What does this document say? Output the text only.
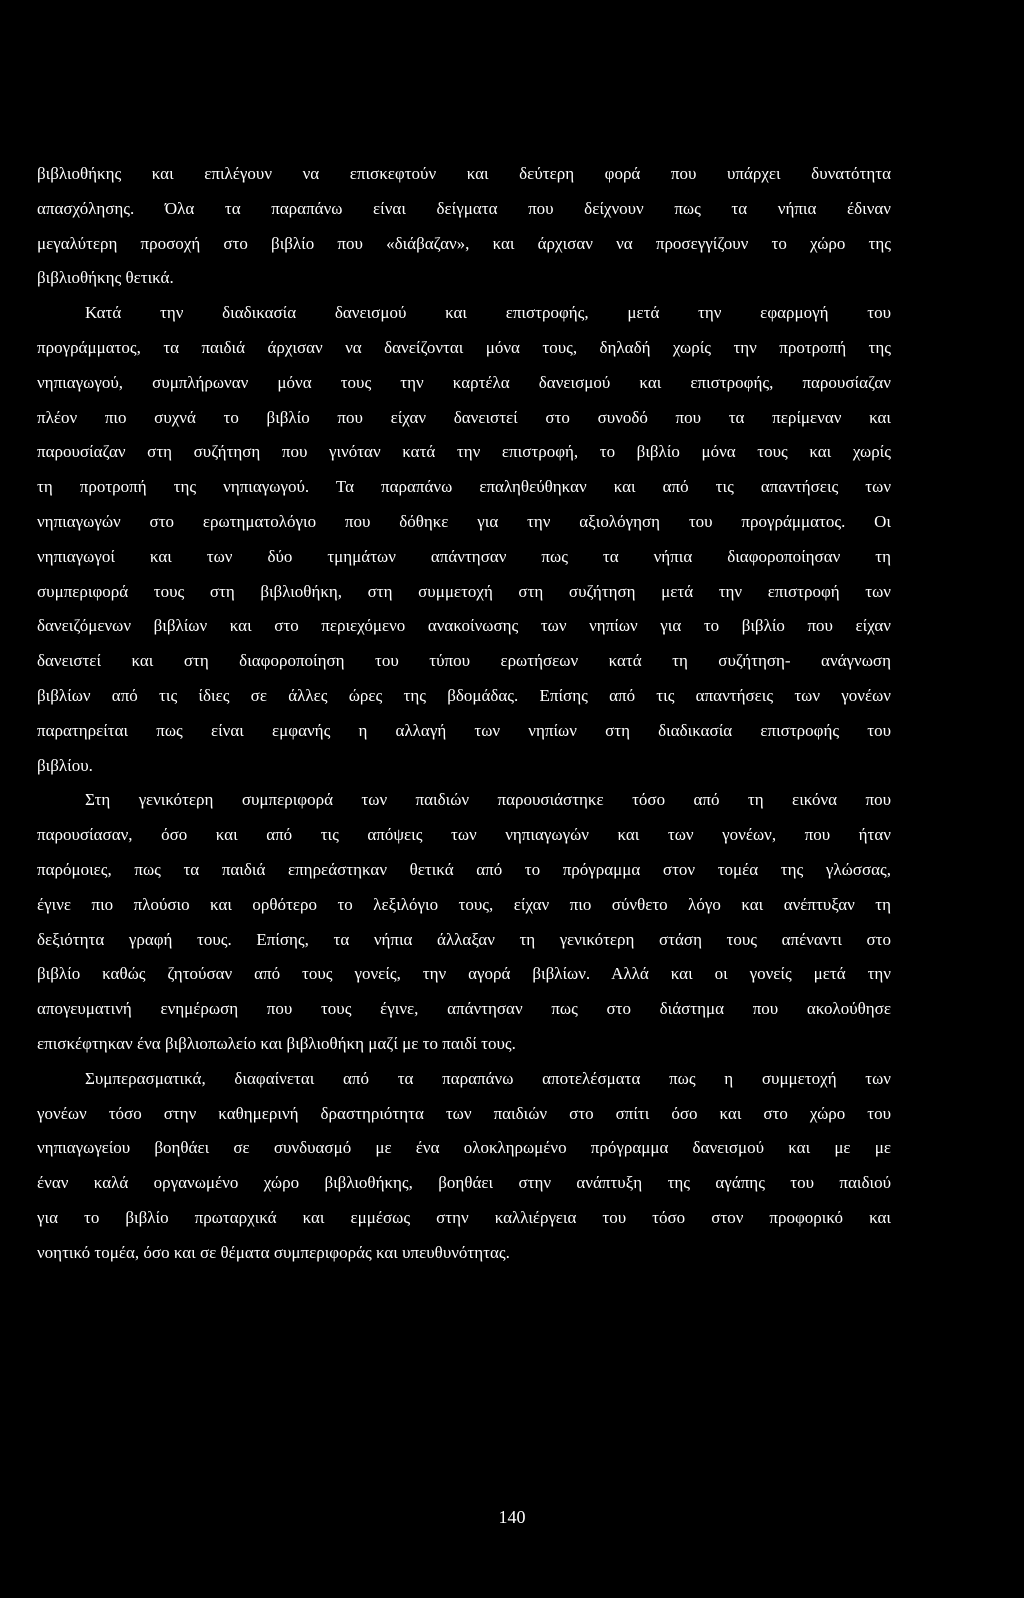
βιβλιοθήκης και επιλέγουν να επισκεφτούν και δεύτερη φορά που υπάρχει δυνατότητα
απασχόλησης. Όλα τα παραπάνω είναι δείγματα που δείχνουν πως τα νήπια έδιναν
μεγαλύτερη προσοχή στο βιβλίο που «διάβαζαν», και άρχισαν να προσεγγίζουν το χώρο της
βιβλιοθήκης θετικά.

Κατά την διαδικασία δανεισμού και επιστροφής, μετά την εφαρμογή του
προγράμματος, τα παιδιά άρχισαν να δανείζονται μόνα τους, δηλαδή χωρίς την προτροπή της
νηπιαγωγού, συμπλήρωναν μόνα τους την καρτέλα δανεισμού και επιστροφής, παρουσίαζαν
πλέον πιο συχνά το βιβλίο που είχαν δανειστεί στο συνοδό που τα περίμεναν και
παρουσίαζαν στη συζήτηση που γινόταν κατά την επιστροφή, το βιβλίο μόνα τους και χωρίς
τη προτροπή της νηπιαγωγού. Τα παραπάνω επαληθεύθηκαν και από τις απαντήσεις των
νηπιαγωγών στο ερωτηματολόγιο που δόθηκε για την αξιολόγηση του προγράμματος. Οι
νηπιαγωγοί και των δύο τμημάτων απάντησαν πως τα νήπια διαφοροποίησαν τη
συμπεριφορά τους στη βιβλιοθήκη, στη συμμετοχή στη συζήτηση μετά την επιστροφή των
δανειζόμενων βιβλίων και στο περιεχόμενο ανακοίνωσης των νηπίων για το βιβλίο που είχαν
δανειστεί και στη διαφοροποίηση του τύπου ερωτήσεων κατά τη συζήτηση- ανάγνωση
βιβλίων από τις ίδιες σε άλλες ώρες της βδομάδας. Επίσης από τις απαντήσεις των γονέων
παρατηρείται πως είναι εμφανής η αλλαγή των νηπίων στη διαδικασία επιστροφής του
βιβλίου.

Στη γενικότερη συμπεριφορά των παιδιών παρουσιάστηκε τόσο από τη εικόνα που
παρουσίασαν, όσο και από τις απόψεις των νηπιαγωγών και των γονέων, που ήταν
παρόμοιες, πως τα παιδιά επηρεάστηκαν θετικά από το πρόγραμμα στον τομέα της γλώσσας,
έγινε πιο πλούσιο και ορθότερο το λεξιλόγιο τους, είχαν πιο σύνθετο λόγο και ανέπτυξαν τη
δεξιότητα γραφή τους. Επίσης, τα νήπια άλλαξαν τη γενικότερη στάση τους απέναντι στο
βιβλίο καθώς ζητούσαν από τους γονείς, την αγορά βιβλίων. Αλλά και οι γονείς μετά την
απογευματινή ενημέρωση που τους έγινε, απάντησαν πως στο διάστημα που ακολούθησε
επισκέφτηκαν ένα βιβλιοπωλείο και βιβλιοθήκη μαζί με το παιδί τους.

Συμπερασματικά, διαφαίνεται από τα παραπάνω αποτελέσματα πως η συμμετοχή των
γονέων τόσο στην καθημερινή δραστηριότητα των παιδιών στο σπίτι όσο και στο χώρο του
νηπιαγωγείου βοηθάει σε συνδυασμό με ένα ολοκληρωμένο πρόγραμμα δανεισμού και με με
έναν καλά οργανωμένο χώρο βιβλιοθήκης, βοηθάει στην ανάπτυξη της αγάπης του παιδιού
για το βιβλίο πρωταρχικά και εμμέσως στην καλλιέργεια του τόσο στον προφορικό και
νοητικό τομέα, όσο και σε θέματα συμπεριφοράς και υπευθυνότητας.

140
